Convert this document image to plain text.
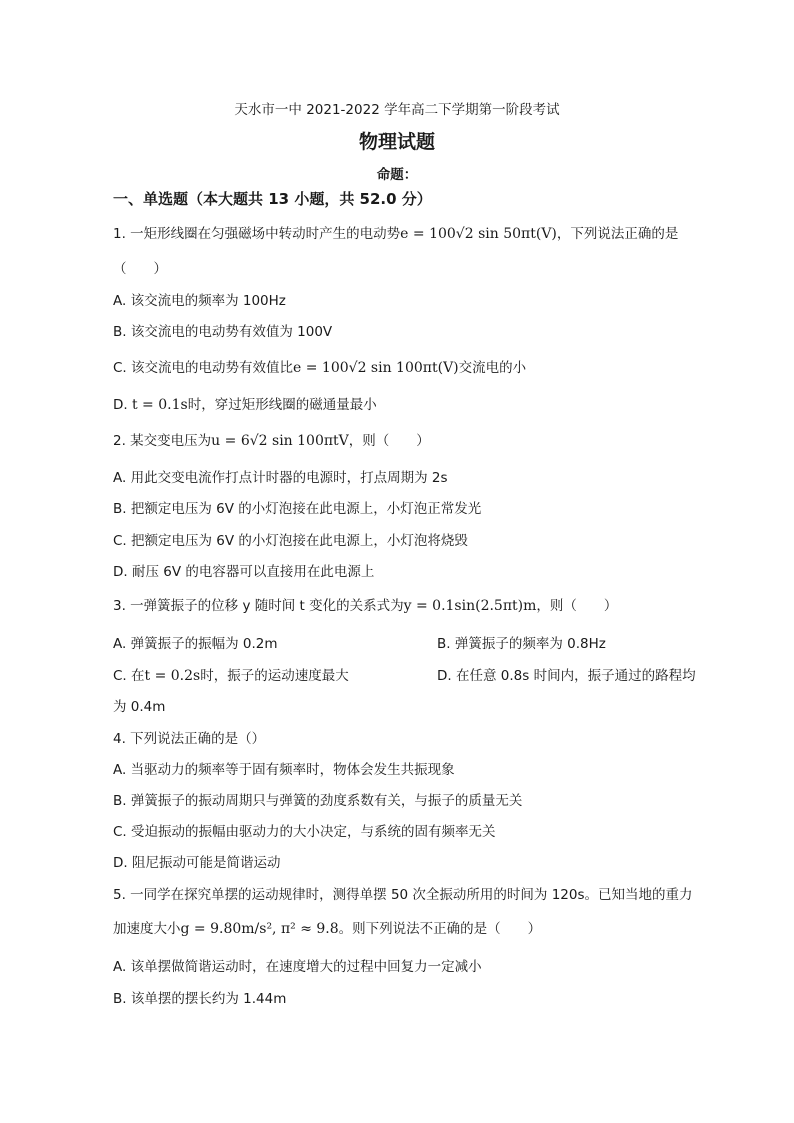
天水市一中 2021-2022 学年高二下学期第一阶段考试
物理试题
命题：
一、单选题（本大题共 13 小题，共 52.0 分）
1. 一矩形线圈在匀强磁场中转动时产生的电动势e = 100√2 sin 50πt(V)，下列说法正确的是
（　　）
A. 该交流电的频率为 100Hz
B. 该交流电的电动势有效值为 100V
C. 该交流电的电动势有效值比e = 100√2 sin 100πt(V)交流电的小
D. t = 0.1s时，穿过矩形线圈的磁通量最小
2. 某交变电压为u = 6√2 sin 100πtV，则（　　）
A. 用此交变电流作打点计时器的电源时，打点周期为 2s
B. 把额定电压为 6V 的小灯泡接在此电源上，小灯泡正常发光
C. 把额定电压为 6V 的小灯泡接在此电源上，小灯泡将烧毁
D. 耐压 6V 的电容器可以直接用在此电源上
3. 一弹簧振子的位移 y 随时间 t 变化的关系式为y = 0.1sin(2.5πt)m，则（　　）
A. 弹簧振子的振幅为 0.2m	B. 弹簧振子的频率为 0.8Hz
C. 在t = 0.2s时，振子的运动速度最大	D. 在任意 0.8s 时间内，振子通过的路程均
为 0.4m
4. 下列说法正确的是（）
A. 当驱动力的频率等于固有频率时，物体会发生共振现象
B. 弹簧振子的振动周期只与弹簧的劲度系数有关，与振子的质量无关
C. 受迫振动的振幅由驱动力的大小决定，与系统的固有频率无关
D. 阻尼振动可能是简谐运动
5. 一同学在探究单摆的运动规律时，测得单摆 50 次全振动所用的时间为 120s。已知当地的重力
加速度大小g = 9.80m/s², π² ≈ 9.8。则下列说法不正确的是（　　）
A. 该单摆做简谐运动时，在速度增大的过程中回复力一定减小
B. 该单摆的摆长约为 1.44m
